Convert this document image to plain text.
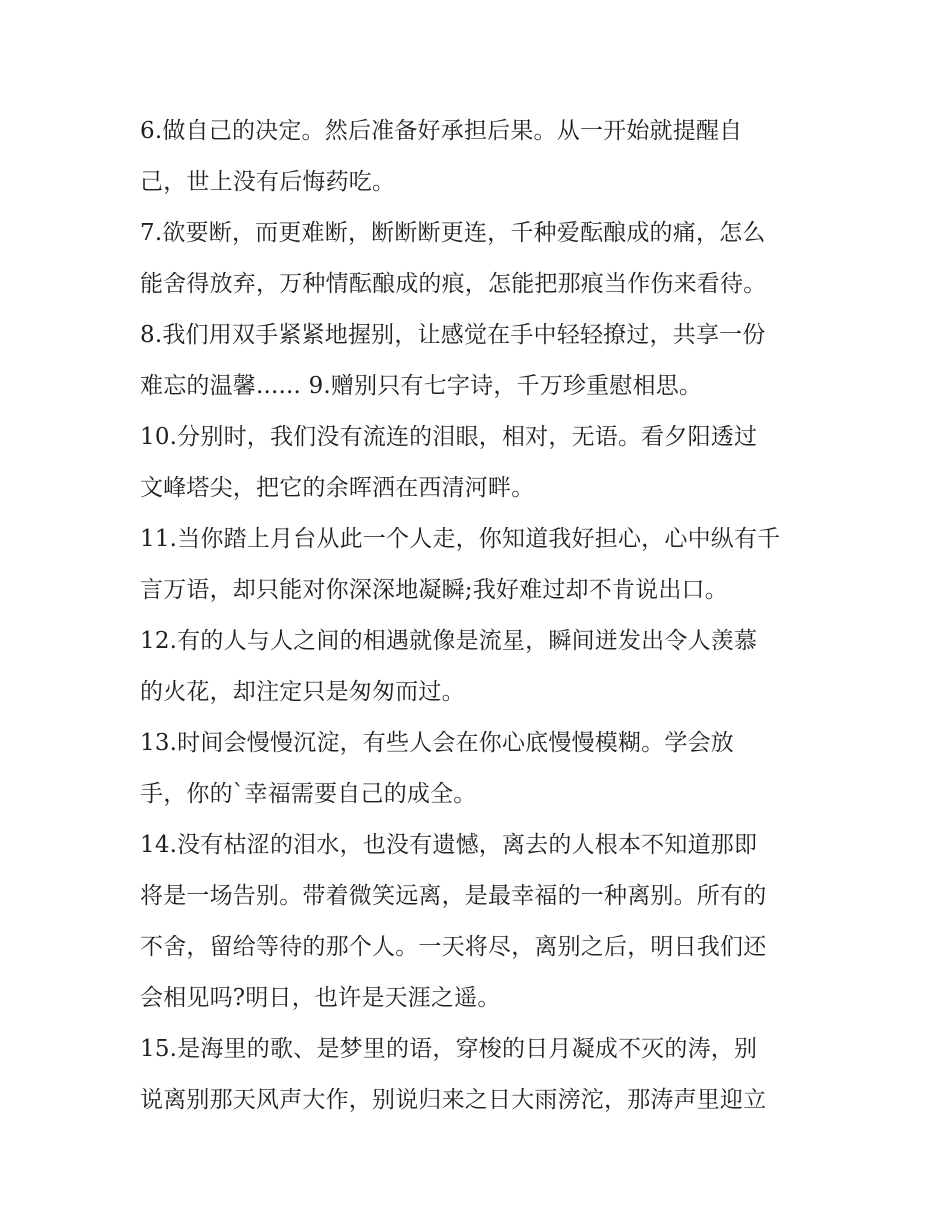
6.做自己的决定。然后准备好承担后果。从一开始就提醒自
己，世上没有后悔药吃。
7.欲要断，而更难断，断断断更连，千种爱酝酿成的痛，怎么
能舍得放弃，万种情酝酿成的痕，怎能把那痕当作伤来看待。
8.我们用双手紧紧地握别，让感觉在手中轻轻撩过，共享一份
难忘的温馨...... 9.赠别只有七字诗，千万珍重慰相思。
10.分别时，我们没有流连的泪眼，相对，无语。看夕阳透过
文峰塔尖，把它的余晖洒在西清河畔。
11.当你踏上月台从此一个人走，你知道我好担心，心中纵有千
言万语，却只能对你深深地凝瞬;我好难过却不肯说出口。
12.有的人与人之间的相遇就像是流星，瞬间迸发出令人羡慕
的火花，却注定只是匆匆而过。
13.时间会慢慢沉淀，有些人会在你心底慢慢模糊。学会放
手，你的`幸福需要自己的成全。
14.没有枯涩的泪水，也没有遗憾，离去的人根本不知道那即
将是一场告别。带着微笑远离，是最幸福的一种离别。所有的
不舍，留给等待的那个人。一天将尽，离别之后，明日我们还
会相见吗?明日，也许是天涯之遥。
15.是海里的歌、是梦里的语，穿梭的日月凝成不灭的涛，别
说离别那天风声大作，别说归来之日大雨滂沱，那涛声里迎立
